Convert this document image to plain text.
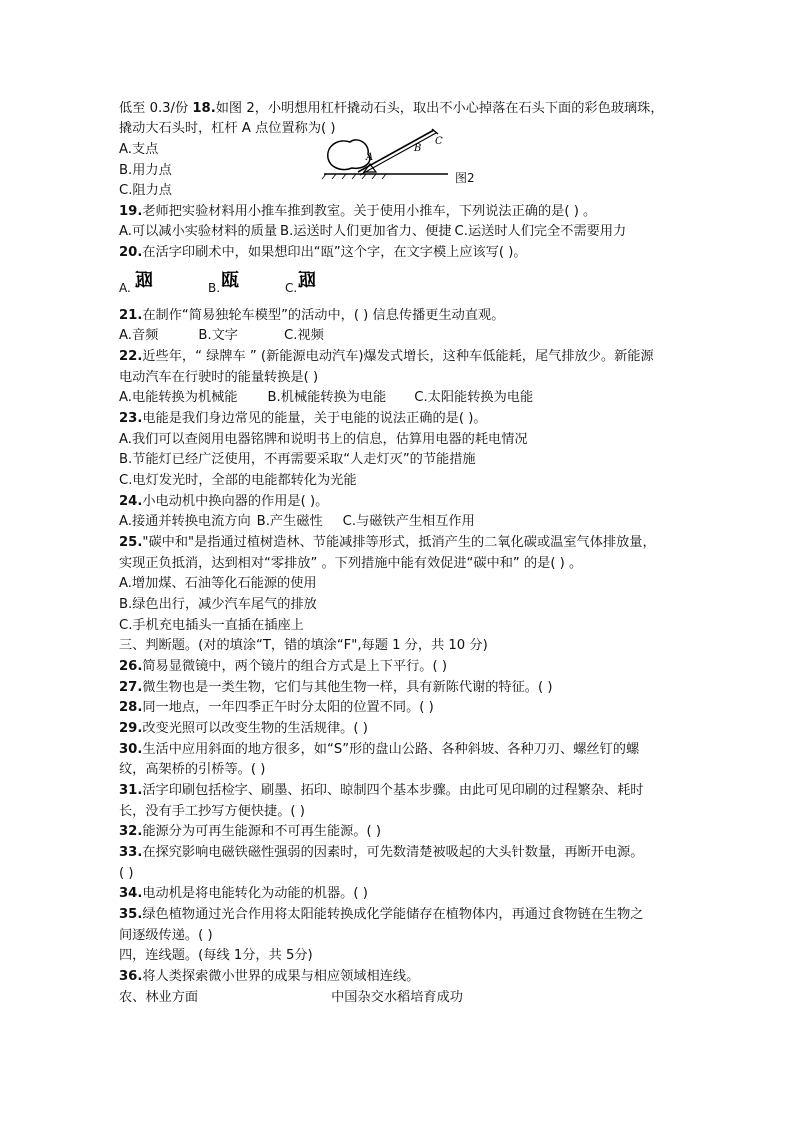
低至 0.3/份 18.如图 2，小明想用杠杆撬动石头，取出不小心掉落在石头下面的彩色玻璃珠，
撬动大石头时，杠杆 A 点位置称为( )
A.支点
B.用力点
C.阻力点
A
B
C
图2
19.老师把实验材料用小推车推到教室。关于使用小推车，下列说法正确的是( ) 。
A.可以减小实验材料的质量 B.运送时人们更加省力、便捷 C.运送时人们完全不需要用力
20.在活字印刷术中，如果想印出“瓯”这个字，在文字模上应该写( )。
A. 瓯	B. 瓯	C. 瓯
21.在制作“简易独轮车模型”的活动中，( ) 信息传播更生动直观。
A.音频	B.文字	C.视频
22.近些年，“ 绿牌车 ” (新能源电动汽车)爆发式增长，这种车低能耗，尾气排放少。新能源
电动汽车在行驶时的能量转换是( )
A.电能转换为机械能 B.机械能转换为电能 C.太阳能转换为电能
23.电能是我们身边常见的能量，关于电能的说法正确的是( )。
A.我们可以查阅用电器铭牌和说明书上的信息，估算用电器的耗电情况
B.节能灯已经广泛使用，不再需要采取“人走灯灭”的节能措施
C.电灯发光时，全部的电能都转化为光能
24.小电动机中换向器的作用是( )。
A.接通并转换电流方向 B.产生磁性 C.与磁铁产生相互作用
25."碳中和"是指通过植树造林、节能减排等形式，抵消产生的二氧化碳或温室气体排放量，
实现正负抵消，达到相对“零排放” 。下列措施中能有效促进“碳中和” 的是( ) 。
A.增加煤、石油等化石能源的使用
B.绿色出行，减少汽车尾气的排放
C.手机充电插头一直插在插座上
三、判断题。(对的填涂“T，错的填涂“F",每题 1 分，共 10 分)
26.简易显微镜中，两个镜片的组合方式是上下平行。( )
27.微生物也是一类生物，它们与其他生物一样，具有新陈代谢的特征。( )
28.同一地点，一年四季正午时分太阳的位置不同。( )
29.改变光照可以改变生物的生活规律。( )
30.生活中应用斜面的地方很多，如“S”形的盘山公路、各种斜坡、各种刀刃、螺丝钉的螺
纹，高架桥的引桥等。( )
31.活字印刷包括检字、刷墨、拓印、晾制四个基本步骤。由此可见印刷的过程繁杂、耗时
长，没有手工抄写方便快捷。( )
32.能源分为可再生能源和不可再生能源。( )
33.在探究影响电磁铁磁性强弱的因素时，可先数清楚被吸起的大头针数量，再断开电源。
( )
34.电动机是将电能转化为动能的机器。( )
35.绿色植物通过光合作用将太阳能转换成化学能储存在植物体内，再通过食物链在生物之
间逐级传递。( )
四，连线题。(每线 1分，共 5分)
36.将人类探索微小世界的成果与相应领域相连线。
农、林业方面	中国杂交水稻培育成功
